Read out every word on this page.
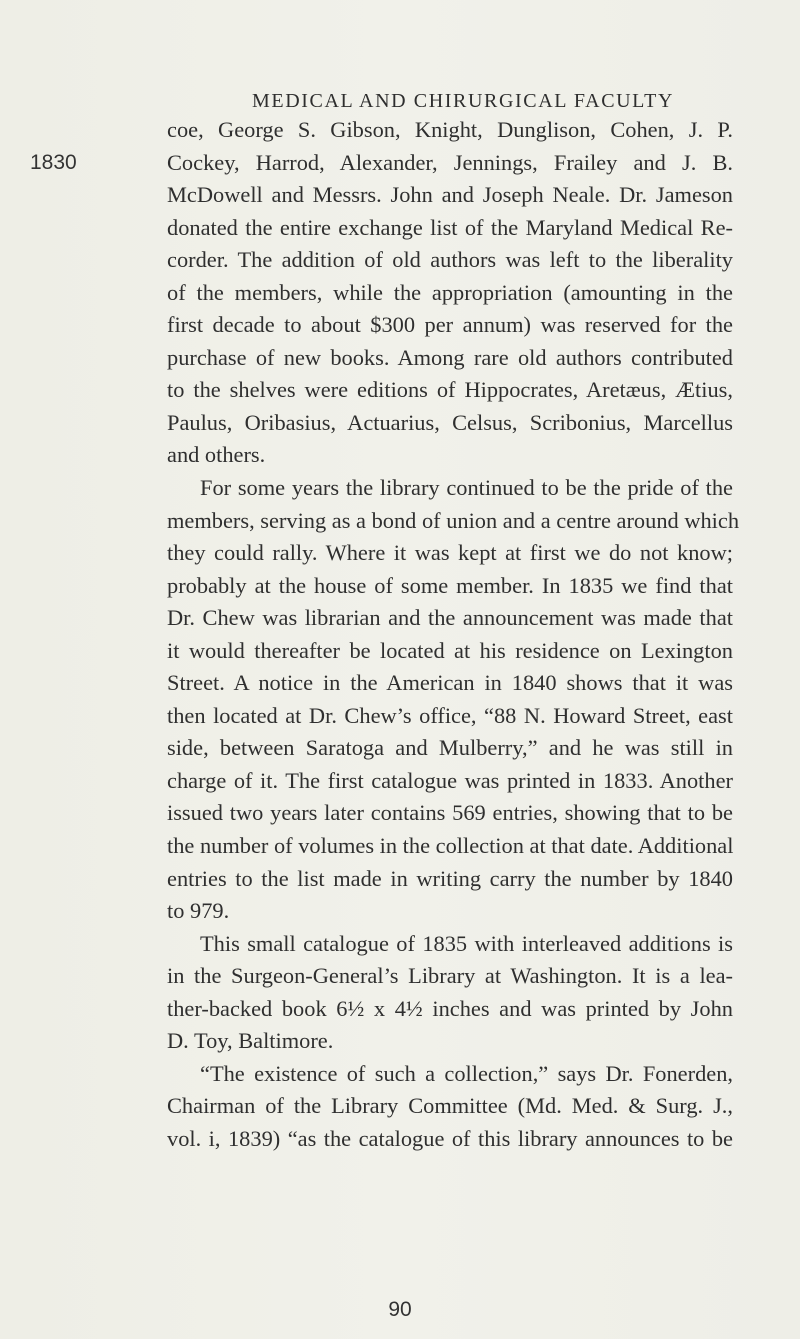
MEDICAL AND CHIRURGICAL FACULTY
1830
coe, George S. Gibson, Knight, Dunglison, Cohen, J. P.
Cockey, Harrod, Alexander, Jennings, Frailey and J. B.
McDowell and Messrs. John and Joseph Neale. Dr. Jameson
donated the entire exchange list of the Maryland Medical Re-
corder. The addition of old authors was left to the liberality
of the members, while the appropriation (amounting in the
first decade to about $300 per annum) was reserved for the
purchase of new books. Among rare old authors contributed
to the shelves were editions of Hippocrates, Aretæus, Ætius,
Paulus, Oribasius, Actuarius, Celsus, Scribonius, Marcellus
and others.
For some years the library continued to be the pride of the
members, serving as a bond of union and a centre around which
they could rally. Where it was kept at first we do not know;
probably at the house of some member. In 1835 we find that
Dr. Chew was librarian and the announcement was made that
it would thereafter be located at his residence on Lexington
Street. A notice in the American in 1840 shows that it was
then located at Dr. Chew’s office, “88 N. Howard Street, east
side, between Saratoga and Mulberry,” and he was still in
charge of it. The first catalogue was printed in 1833. Another
issued two years later contains 569 entries, showing that to be
the number of volumes in the collection at that date. Additional
entries to the list made in writing carry the number by 1840
to 979.
This small catalogue of 1835 with interleaved additions is
in the Surgeon-General’s Library at Washington. It is a lea-
ther-backed book 6½ x 4½ inches and was printed by John
D. Toy, Baltimore.
“The existence of such a collection,” says Dr. Fonerden,
Chairman of the Library Committee (Md. Med. & Surg. J.,
vol. i, 1839) “as the catalogue of this library announces to be
90
